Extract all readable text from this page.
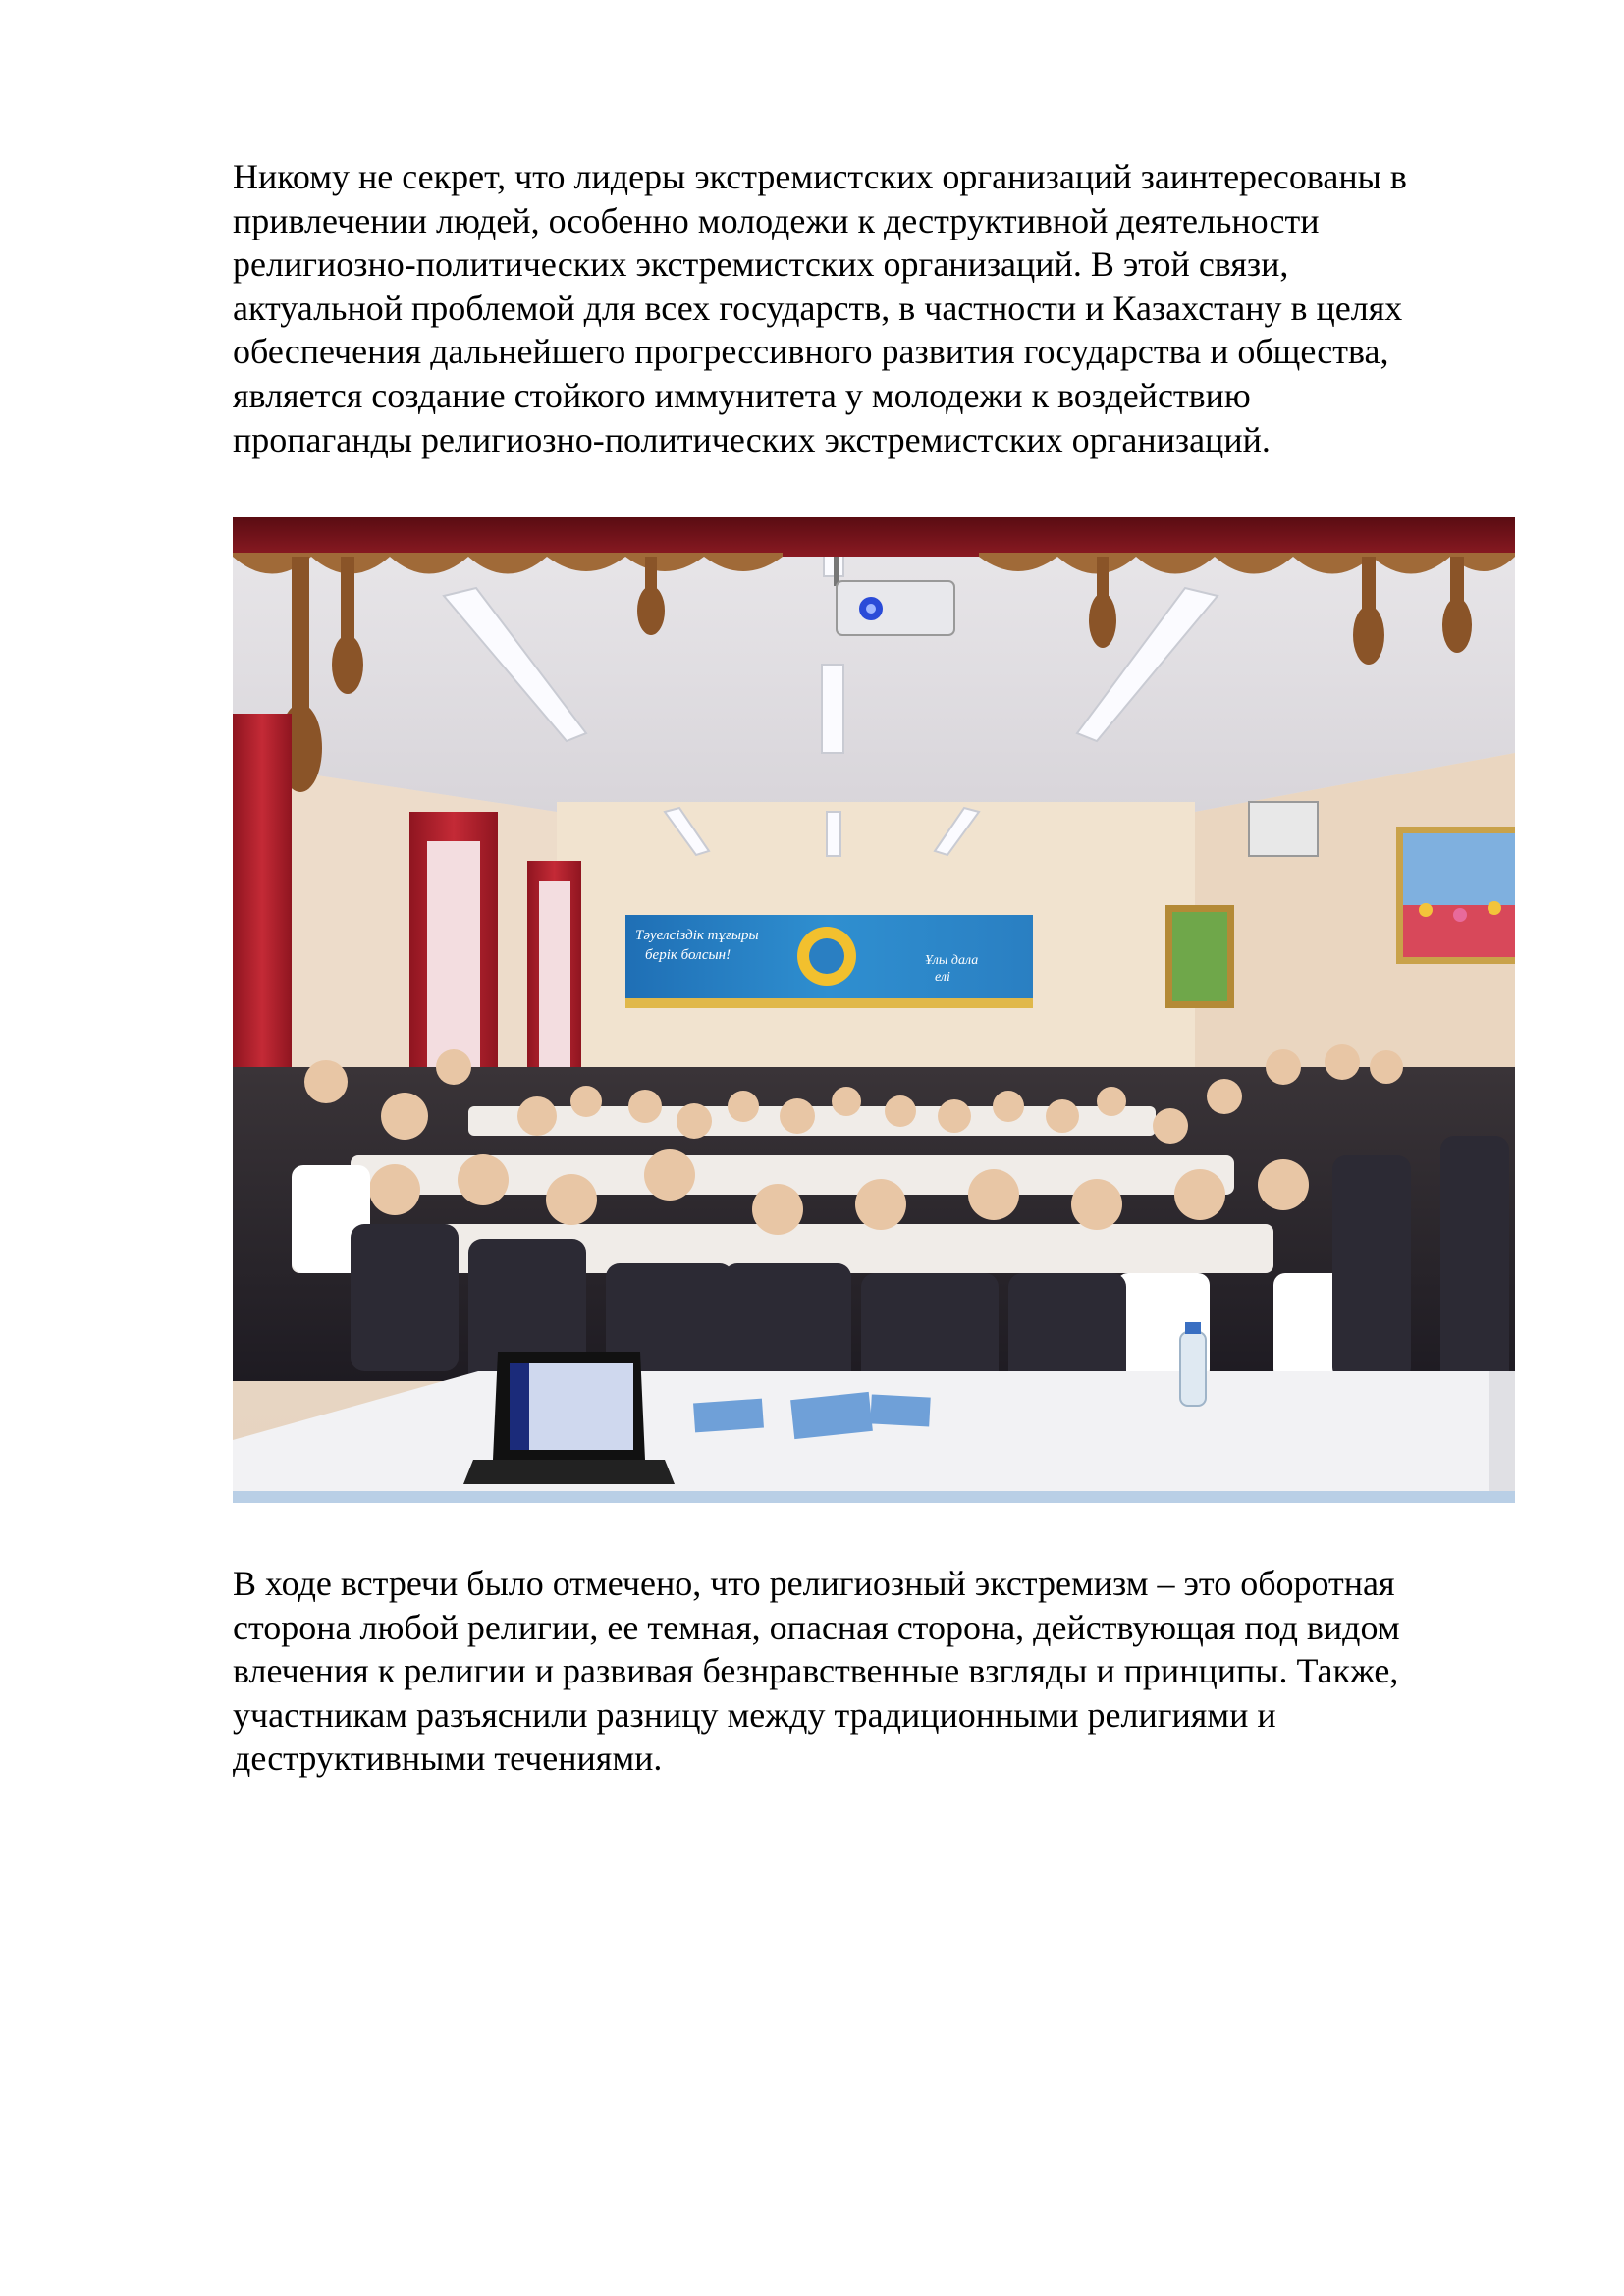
Никому не секрет, что лидеры экстремистских организаций заинтересованы в
привлечении людей, особенно молодежи к деструктивной деятельности
религиозно-политических экстремистских организаций. В этой связи,
актуальной проблемой для всех государств, в частности и Казахстану в целях
обеспечения дальнейшего прогрессивного развития государства и общества,
является создание стойкого иммунитета у молодежи к воздействию
пропаганды религиозно-политических экстремистских организаций.

Тәуелсіздік тұғыры
берік болсын!	Ұлы дала
елі

В ходе встречи было отмечено, что религиозный экстремизм – это оборотная
сторона любой религии, ее темная, опасная сторона, действующая под видом
влечения к религии и развивая безнравственные взгляды и принципы. Также,
участникам разъяснили разницу между традиционными религиями и
деструктивными течениями.
